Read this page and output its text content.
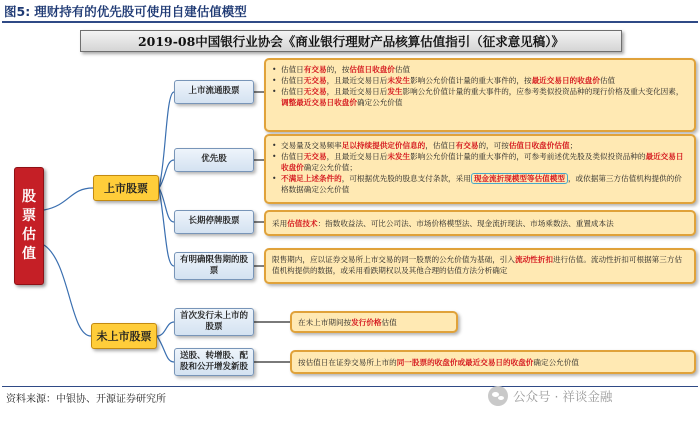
图5: 理财持有的优先股可使用自建估值模型
2019-08中国银行业协会《商业银行理财产品核算估值指引（征求意见稿）》
股
票
估
值
上市股票
未上市股票
上市流通股票
优先股
长期停牌股票
有明确限售期的股票
首次发行未上市的股票
送股、转增股、配股和公开增发新股
• 估值日有交易的，按估值日收盘价估值
• 估值日无交易，且最近交易日后未发生影响公允价值计量的重大事件的，按最近交易日的收盘价估值
• 估值日无交易，且最近交易日后发生影响公允价值计量的重大事件的，应参考类似投资品种的现行价格及重大变化因素，调整最近交易日收盘价确定公允价值
• 交易量及交易频率足以持续提供定价信息的，估值日有交易的，可按估值日收盘价估值；
• 估值日无交易，且最近交易日后未发生影响公允价值计量的重大事件的，可参考前述优先股及类似投资品种的最近交易日收盘价确定公允价值；
• 不满足上述条件的，可根据优先股的股息支付条款，采用 现金流折现模型等估值模型 ，或依据第三方估值机构提供的价格数据确定公允价值
采用 估值技术 ：指数收益法、可比公司法、市场价格模型法、现金流折现法、市场乘数法、重置成本法
限售期内，应以证券交易所上市交易的同一股票的公允价值为基础，引入流动性折扣进行估值。流动性折扣可根据第三方估值机构提供的数据，或采用看跌期权以及其他合理的估值方法分析确定
在未上市期间按 发行价格 估值
按估值日在证券交易所上市的 同一股票的收盘价或最近交易日的收盘价 确定公允价值
资料来源：中银协、开源证券研究所	公众号 · 祥谈金融
